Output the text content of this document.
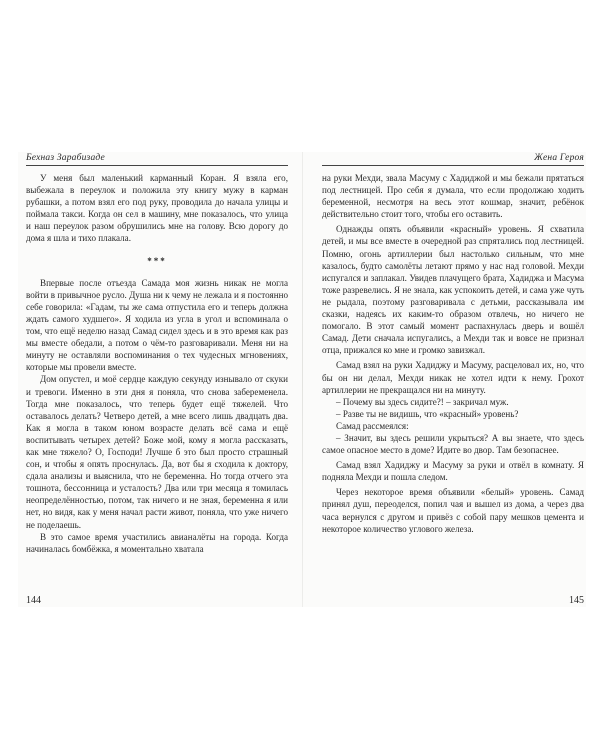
Бехназ Зарабизаде

У меня был маленький карманный Коран. Я взяла его, выбежала в переулок и положила эту книгу мужу в карман рубашки, а потом взял его под руку, проводила до начала улицы и поймала такси. Когда он сел в машину, мне показалось, что улица и наш переулок разом обрушились мне на голову. Всю дорогу до дома я шла и тихо плакала.

***

Впервые после отъезда Самада моя жизнь никак не могла войти в привычное русло. Душа ни к чему не лежала и я постоянно себе говорила: «Гадам, ты же сама отпустила его и теперь должна ждать самого худшего». Я ходила из угла в угол и вспоминала о том, что ещё неделю назад Самад сидел здесь и в это время как раз мы вместе обедали, а потом о чём-то разговаривали. Меня ни на минуту не оставляли воспоминания о тех чудесных мгновениях, которые мы провели вместе.

Дом опустел, и моё сердце каждую секунду изнывало от скуки и тревоги. Именно в эти дня я поняла, что снова забеременела. Тогда мне показалось, что теперь будет ещё тяжелей. Что оставалось делать? Четверо детей, а мне всего лишь двадцать два. Как я могла в таком юном возрасте делать всё сама и ещё воспитывать четырех детей? Боже мой, кому я могла рассказать, как мне тяжело? О, Господи! Лучше б это был просто страшный сон, и чтобы я опять проснулась. Да, вот бы я сходила к доктору, сдала анализы и выяснила, что не беременна. Но тогда отчего эта тошнота, бессонница и усталость? Два или три месяца я томилась неопределённостью, потом, так ничего и не зная, беременна я или нет, но видя, как у меня начал расти живот, поняла, что уже ничего не поделаешь.

В это самое время участились авианалёты на города. Когда начиналась бомбёжка, я моментально хватала

144
Жена Героя

на руки Мехди, звала Масуму с Хадиджой и мы бежали прятаться под лестницей. Про себя я думала, что если продолжаю ходить беременной, несмотря на весь этот кошмар, значит, ребёнок действительно стоит того, чтобы его оставить.

Однажды опять объявили «красный» уровень. Я схватила детей, и мы все вместе в очередной раз спрятались под лестницей. Помню, огонь артиллерии был настолько сильным, что мне казалось, будто самолёты летают прямо у нас над головой. Мехди испугался и заплакал. Увидев плачущего брата, Хадиджа и Масума тоже разревелись. Я не знала, как успокоить детей, и сама уже чуть не рыдала, поэтому разговаривала с детьми, рассказывала им сказки, надеясь их каким-то образом отвлечь, но ничего не помогало. В этот самый момент распахнулась дверь и вошёл Самад. Дети сначала испугались, а Мехди так и вовсе не признал отца, прижался ко мне и громко завизжал.

Самад взял на руки Хадиджу и Масуму, расцеловал их, но, что бы он ни делал, Мехди никак не хотел идти к нему. Грохот артиллерии не прекращался ни на минуту.

– Почему вы здесь сидите?! – закричал муж.

– Разве ты не видишь, что «красный» уровень?

Самад рассмеялся:

– Значит, вы здесь решили укрыться? А вы знаете, что здесь самое опасное место в доме? Идите во двор. Там безопаснее.

Самад взял Хадиджу и Масуму за руки и отвёл в комнату. Я подняла Мехди и пошла следом.

Через некоторое время объявили «белый» уровень. Самад принял душ, переоделся, попил чая и вышел из дома, а через два часа вернулся с другом и привёз с собой пару мешков цемента и некоторое количество углового железа.

145
